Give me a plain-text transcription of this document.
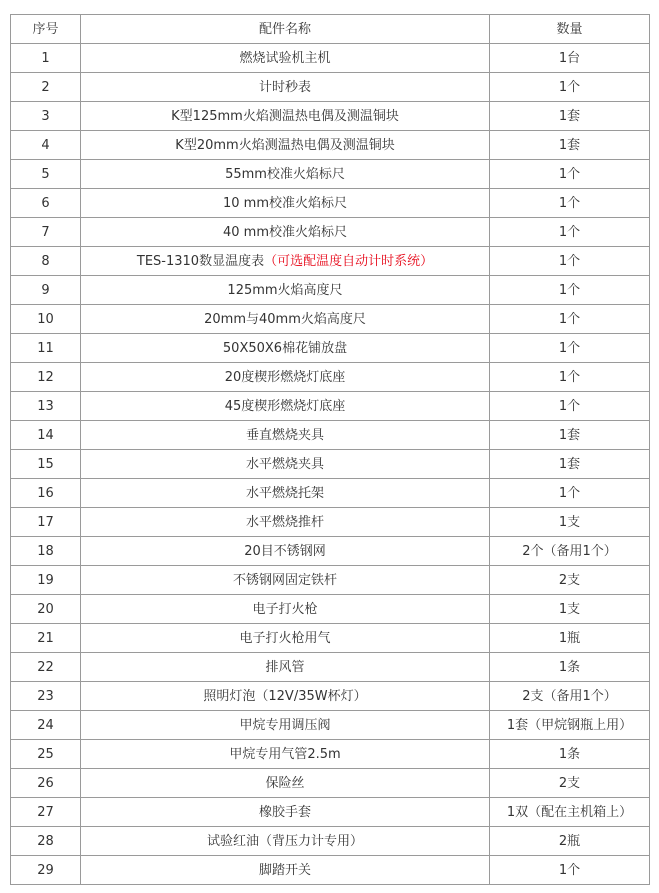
序号	配件名称	数量
1	燃烧试验机主机	1台
2	计时秒表	1个
3	K型125mm火焰测温热电偶及测温铜块	1套
4	K型20mm火焰测温热电偶及测温铜块	1套
5	55mm校准火焰标尺	1个
6	10 mm校准火焰标尺	1个
7	40 mm校准火焰标尺	1个
8	TES-1310数显温度表（可选配温度自动计时系统）	1个
9	125mm火焰高度尺	1个
10	20mm与40mm火焰高度尺	1个
11	50X50X6棉花铺放盘	1个
12	20度楔形燃烧灯底座	1个
13	45度楔形燃烧灯底座	1个
14	垂直燃烧夹具	1套
15	水平燃烧夹具	1套
16	水平燃烧托架	1个
17	水平燃烧推杆	1支
18	20目不锈钢网	2个（备用1个）
19	不锈钢网固定铁杆	2支
20	电子打火枪	1支
21	电子打火枪用气	1瓶
22	排风管	1条
23	照明灯泡（12V/35W杯灯）	2支（备用1个）
24	甲烷专用调压阀	1套（甲烷钢瓶上用）
25	甲烷专用气管2.5m	1条
26	保险丝	2支
27	橡胶手套	1双（配在主机箱上）
28	试验红油（背压力计专用）	2瓶
29	脚踏开关	1个
